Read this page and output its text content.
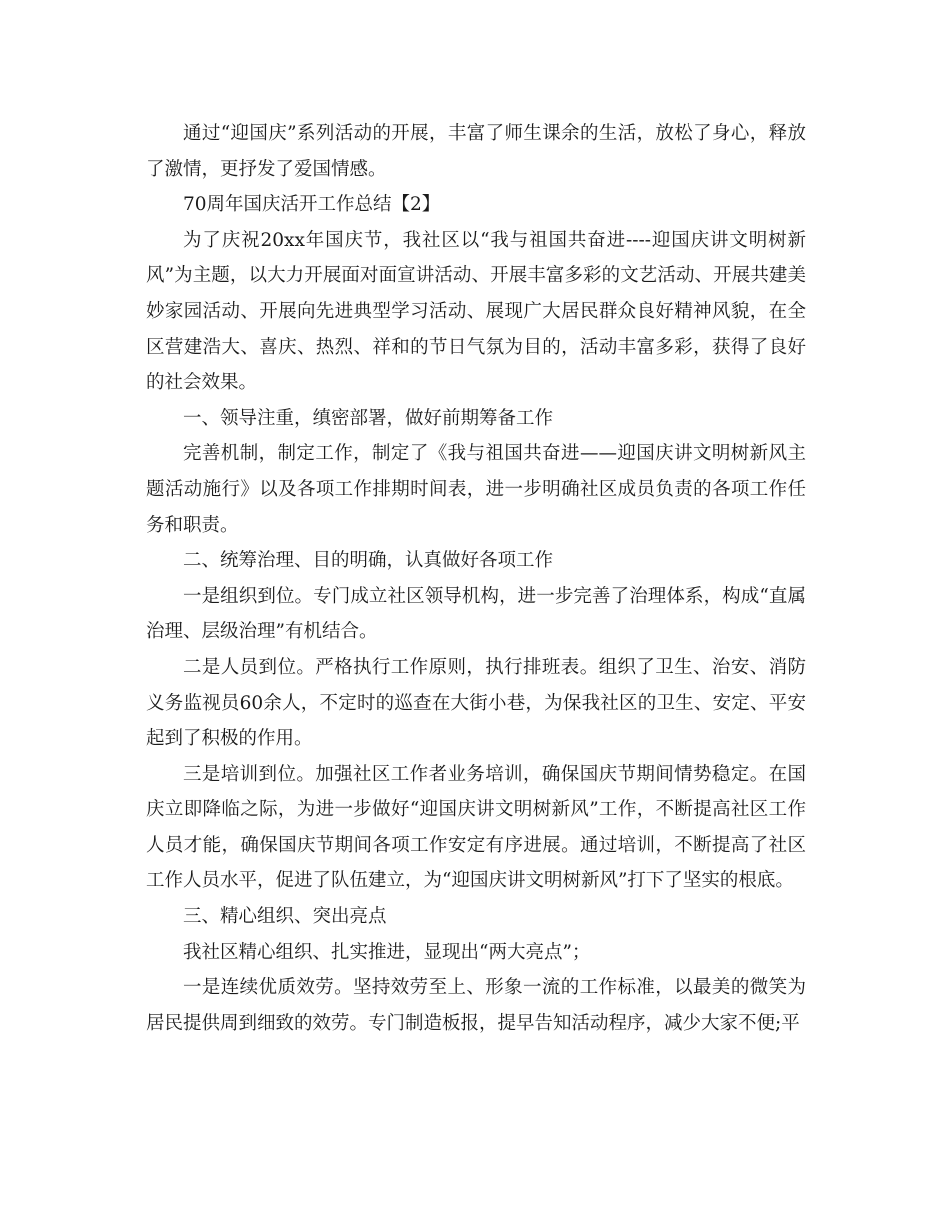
通过“迎国庆”系列活动的开展，丰富了师生课余的生活，放松了身心，释放了激情，更抒发了爱国情感。

70周年国庆活开工作总结【2】

为了庆祝20xx年国庆节，我社区以“我与祖国共奋进----迎国庆讲文明树新风”为主题，以大力开展面对面宣讲活动、开展丰富多彩的文艺活动、开展共建美妙家园活动、开展向先进典型学习活动、展现广大居民群众良好精神风貌，在全区营建浩大、喜庆、热烈、祥和的节日气氛为目的，活动丰富多彩，获得了良好的社会效果。

一、领导注重，缜密部署，做好前期筹备工作

完善机制，制定工作，制定了《我与祖国共奋进——迎国庆讲文明树新风主题活动施行》以及各项工作排期时间表，进一步明确社区成员负责的各项工作任务和职责。

二、统筹治理、目的明确，认真做好各项工作

一是组织到位。专门成立社区领导机构，进一步完善了治理体系，构成“直属治理、层级治理”有机结合。

二是人员到位。严格执行工作原则，执行排班表。组织了卫生、治安、消防义务监视员60余人，不定时的巡查在大街小巷，为保我社区的卫生、安定、平安起到了积极的作用。

三是培训到位。加强社区工作者业务培训，确保国庆节期间情势稳定。在国庆立即降临之际，为进一步做好“迎国庆讲文明树新风”工作，不断提高社区工作人员才能，确保国庆节期间各项工作安定有序进展。通过培训，不断提高了社区工作人员水平，促进了队伍建立，为“迎国庆讲文明树新风”打下了坚实的根底。

三、精心组织、突出亮点

我社区精心组织、扎实推进，显现出“两大亮点”；

一是连续优质效劳。坚持效劳至上、形象一流的工作标准，以最美的微笑为居民提供周到细致的效劳。专门制造板报，提早告知活动程序，减少大家不便;平
